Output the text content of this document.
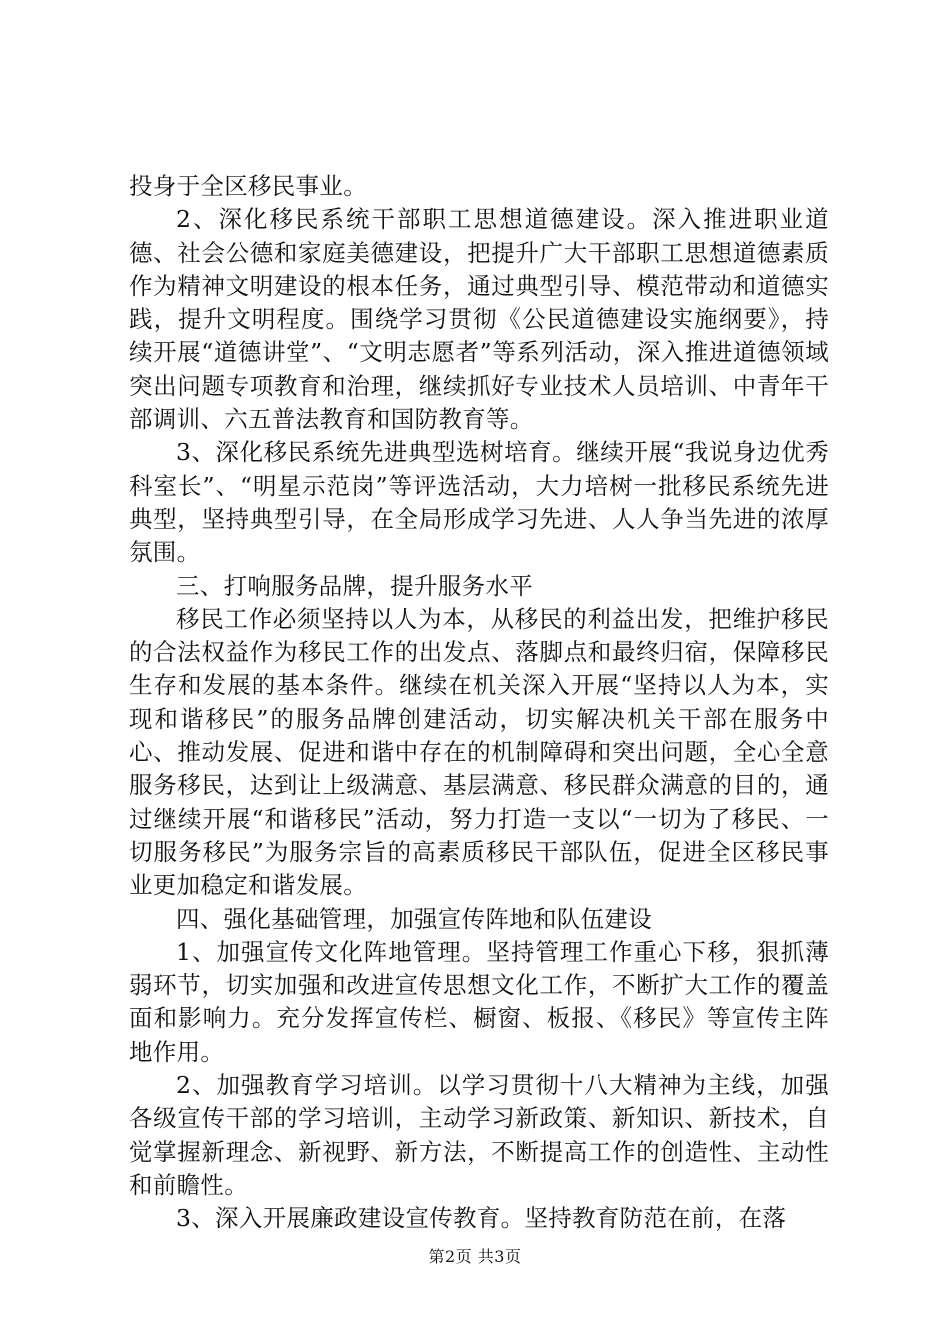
投身于全区移民事业。

2、深化移民系统干部职工思想道德建设。深入推进职业道德、社会公德和家庭美德建设，把提升广大干部职工思想道德素质作为精神文明建设的根本任务，通过典型引导、模范带动和道德实践，提升文明程度。围绕学习贯彻《公民道德建设实施纲要》，持续开展“道德讲堂”、“文明志愿者”等系列活动，深入推进道德领域突出问题专项教育和治理，继续抓好专业技术人员培训、中青年干部调训、六五普法教育和国防教育等。

3、深化移民系统先进典型选树培育。继续开展“我说身边优秀科室长”、“明星示范岗”等评选活动，大力培树一批移民系统先进典型，坚持典型引导，在全局形成学习先进、人人争当先进的浓厚氛围。

三、打响服务品牌，提升服务水平

移民工作必须坚持以人为本，从移民的利益出发，把维护移民的合法权益作为移民工作的出发点、落脚点和最终归宿，保障移民生存和发展的基本条件。继续在机关深入开展“坚持以人为本，实现和谐移民”的服务品牌创建活动，切实解决机关干部在服务中心、推动发展、促进和谐中存在的机制障碍和突出问题，全心全意服务移民，达到让上级满意、基层满意、移民群众满意的目的，通过继续开展“和谐移民”活动，努力打造一支以“一切为了移民、一切服务移民”为服务宗旨的高素质移民干部队伍，促进全区移民事业更加稳定和谐发展。

四、强化基础管理，加强宣传阵地和队伍建设

1、加强宣传文化阵地管理。坚持管理工作重心下移，狠抓薄弱环节，切实加强和改进宣传思想文化工作，不断扩大工作的覆盖面和影响力。充分发挥宣传栏、橱窗、板报、《移民》等宣传主阵地作用。

2、加强教育学习培训。以学习贯彻十八大精神为主线，加强各级宣传干部的学习培训，主动学习新政策、新知识、新技术，自觉掌握新理念、新视野、新方法，不断提高工作的创造性、主动性和前瞻性。

3、深入开展廉政建设宣传教育。坚持教育防范在前，在落

第2页 共3页
